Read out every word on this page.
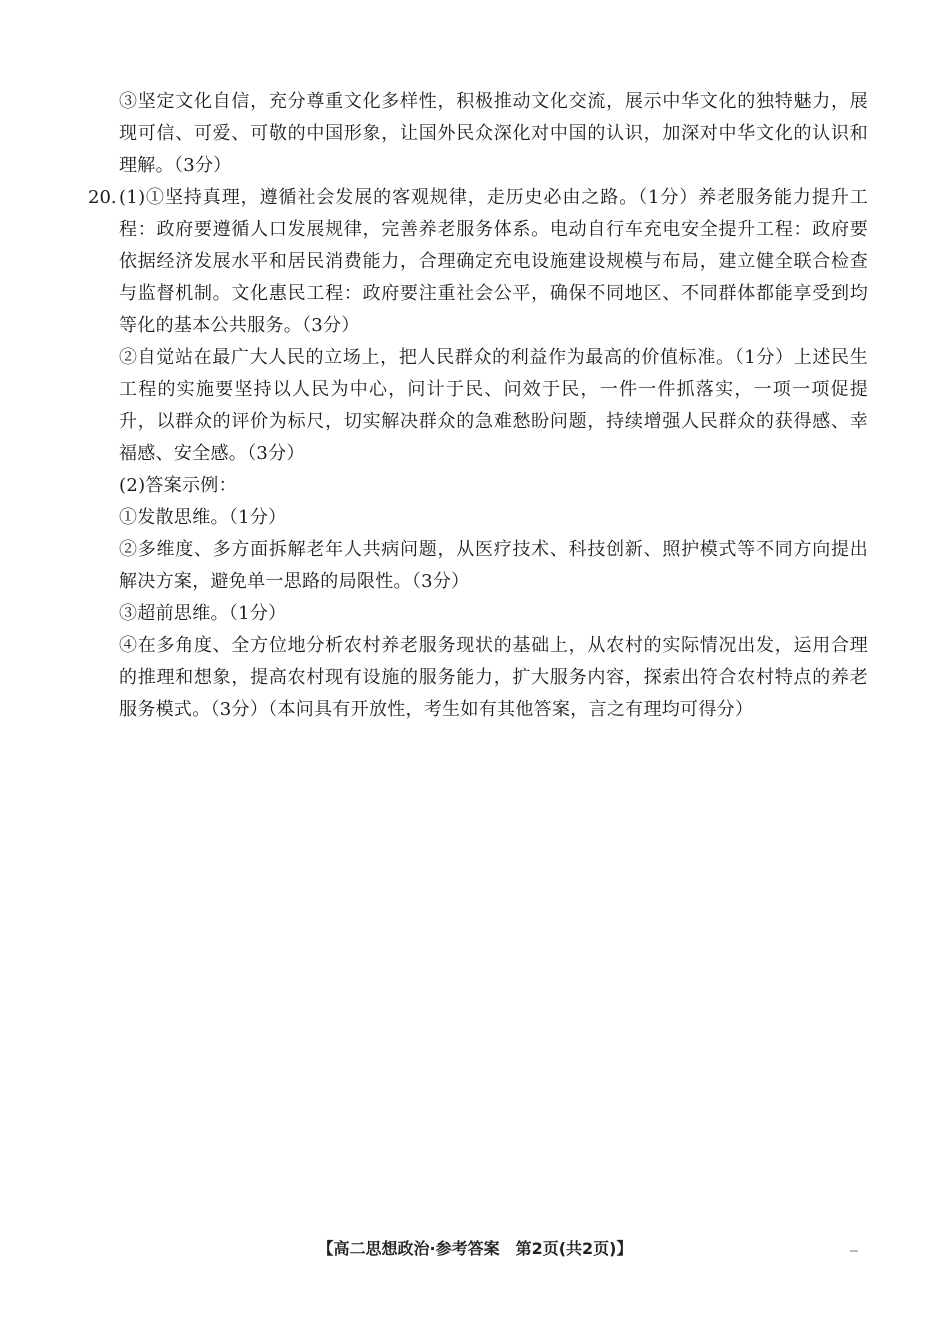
③坚定文化自信，充分尊重文化多样性，积极推动文化交流，展示中华文化的独特魅力，展现可信、可爱、可敬的中国形象，让国外民众深化对中国的认识，加深对中华文化的认识和理解。（3分）

20. (1)①坚持真理，遵循社会发展的客观规律，走历史必由之路。（1分）养老服务能力提升工程：政府要遵循人口发展规律，完善养老服务体系。电动自行车充电安全提升工程：政府要依据经济发展水平和居民消费能力，合理确定充电设施建设规模与布局，建立健全联合检查与监督机制。文化惠民工程：政府要注重社会公平，确保不同地区、不同群体都能享受到均等化的基本公共服务。（3分）

②自觉站在最广大人民的立场上，把人民群众的利益作为最高的价值标准。（1分）上述民生工程的实施要坚持以人民为中心，问计于民、问效于民，一件一件抓落实，一项一项促提升，以群众的评价为标尺，切实解决群众的急难愁盼问题，持续增强人民群众的获得感、幸福感、安全感。（3分）

(2)答案示例：

①发散思维。（1分）

②多维度、多方面拆解老年人共病问题，从医疗技术、科技创新、照护模式等不同方向提出解决方案，避免单一思路的局限性。（3分）

③超前思维。（1分）

④在多角度、全方位地分析农村养老服务现状的基础上，从农村的实际情况出发，运用合理的推理和想象，提高农村现有设施的服务能力，扩大服务内容，探索出符合农村特点的养老服务模式。（3分）（本问具有开放性，考生如有其他答案，言之有理均可得分）

【高二思想政治·参考答案　第2页(共2页)】
